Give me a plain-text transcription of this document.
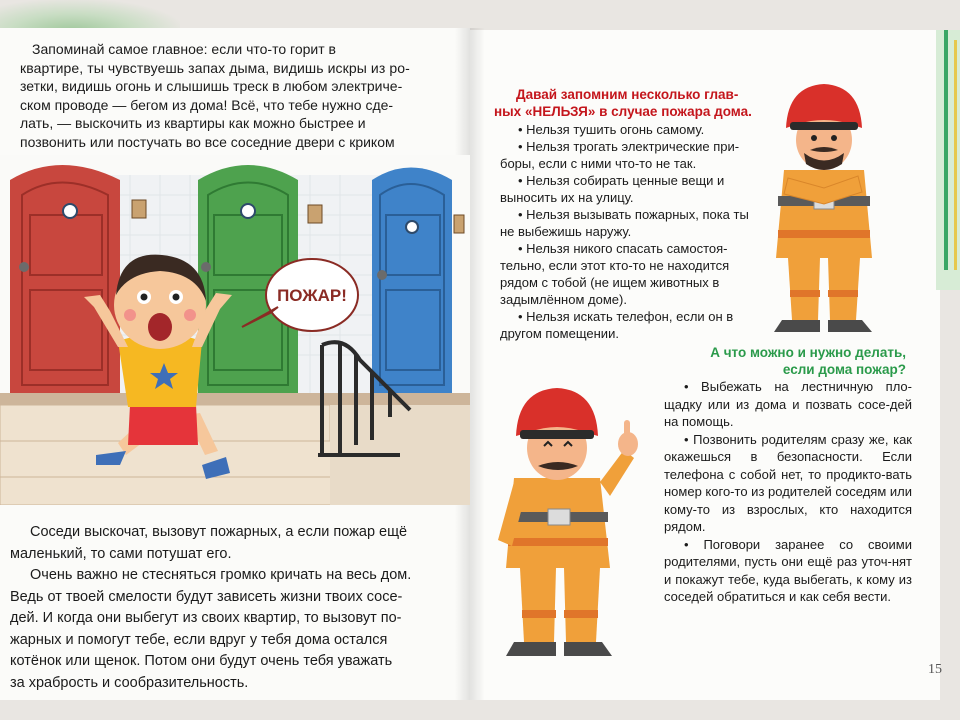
Запоминай самое главное: если что-то горит в
квартире, ты чувствуешь запах дыма, видишь искры из ро-
зетки, видишь огонь и слышишь треск в любом электриче-
ском проводе — бегом из дома! Всё, что тебе нужно сде-
лать, — выскочить из квартиры как можно быстрее и
позвонить или постучать во все соседние двери с криком
ПОЖАР!
Соседи выскочат, вызовут пожарных, а если пожар ещё
маленький, то сами потушат его.
Очень важно не стесняться громко кричать на весь дом.
Ведь от твоей смелости будут зависеть жизни твоих сосе-
дей. И когда они выбегут из своих квартир, то вызовут по-
жарных и помогут тебе, если вдруг у тебя дома остался
котёнок или щенок. Потом они будут очень тебя уважать
за храбрость и сообразительность.
Давай запомним несколько глав-
ных «НЕЛЬЗЯ» в случае пожара дома.
• Нельзя тушить огонь самому.
• Нельзя трогать электрические при-боры, если с ними что-то не так.
• Нельзя собирать ценные вещи и выносить их на улицу.
• Нельзя вызывать пожарных, пока ты не выбежишь наружу.
• Нельзя никого спасать самостоя-тельно, если этот кто-то не находится рядом с тобой (не ищем животных в задымлённом доме).
• Нельзя искать телефон, если он в другом помещении.
А что можно и нужно делать,
если дома пожар?
• Выбежать на лестничную пло-щадку или из дома и позвать сосе-дей на помощь.
• Позвонить родителям сразу же, как окажешься в безопасности. Если телефона с собой нет, то продикто-вать номер кого-то из родителей соседям или кому-то из взрослых, кто находится рядом.
• Поговори заранее со своими родителями, пусть они ещё раз уточ-нят и покажут тебе, куда выбегать, к кому из соседей обратиться и как себя вести.
15
